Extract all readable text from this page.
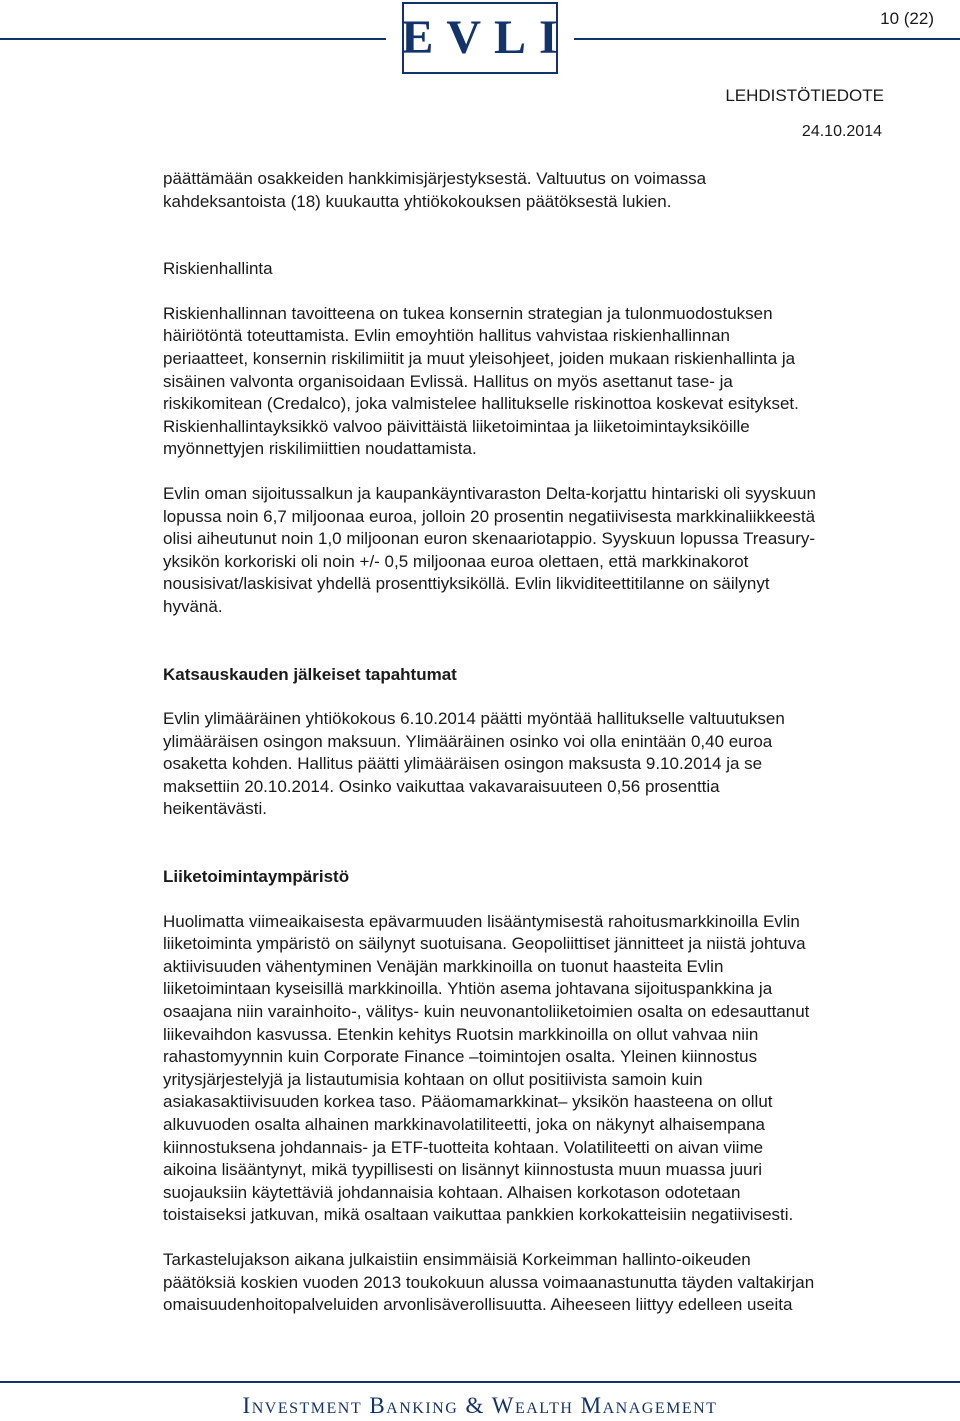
10 (22)
EVLI
LEHDISTÖTIEDOTE
24.10.2014

päättämään osakkeiden hankkimisjärjestyksestä. Valtuutus on voimassa
kahdeksantoista (18) kuukautta yhtiökokouksen päätöksestä lukien.

Riskienhallinta

Riskienhallinnan tavoitteena on tukea konsernin strategian ja tulonmuodostuksen
häiriötöntä toteuttamista. Evlin emoyhtiön hallitus vahvistaa riskienhallinnan
periaatteet, konsernin riskilimiitit ja muut yleisohjeet, joiden mukaan riskienhallinta ja
sisäinen valvonta organisoidaan Evlissä. Hallitus on myös asettanut tase- ja
riskikomitean (Credalco), joka valmistelee hallitukselle riskinottoa koskevat esitykset.
Riskienhallintayksikkö valvoo päivittäistä liiketoimintaa ja liiketoimintayksiköille
myönnettyjen riskilimiittien noudattamista.

Evlin oman sijoitussalkun ja kaupankäyntivaraston Delta-korjattu hintariski oli syyskuun
lopussa noin 6,7 miljoonaa euroa, jolloin 20 prosentin negatiivisesta markkinaliikkeestä
olisi aiheutunut noin 1,0 miljoonan euron skenaariotappio. Syyskuun lopussa Treasury-
yksikön korkoriski oli noin +/- 0,5 miljoonaa euroa olettaen, että markkinakorot
nousisivat/laskisivat yhdellä prosenttiyksiköllä. Evlin likviditeettitilanne on säilynyt
hyvänä.

Katsauskauden jälkeiset tapahtumat

Evlin ylimääräinen yhtiökokous 6.10.2014 päätti myöntää hallitukselle valtuutuksen
ylimääräisen osingon maksuun. Ylimääräinen osinko voi olla enintään 0,40 euroa
osaketta kohden. Hallitus päätti ylimääräisen osingon maksusta 9.10.2014 ja se
maksettiin 20.10.2014. Osinko vaikuttaa vakavaraisuuteen 0,56 prosenttia
heikentävästi.

Liiketoimintaympäristö

Huolimatta viimeaikaisesta epävarmuuden lisääntymisestä rahoitusmarkkinoilla Evlin
liiketoiminta ympäristö on säilynyt suotuisana. Geopoliittiset jännitteet ja niistä johtuva
aktiivisuuden vähentyminen Venäjän markkinoilla on tuonut haasteita Evlin
liiketoimintaan kyseisillä markkinoilla. Yhtiön asema johtavana sijoituspankkina ja
osaajana niin varainhoito-, välitys- kuin neuvonantoliiketoimien osalta on edesauttanut
liikevaihdon kasvussa. Etenkin kehitys Ruotsin markkinoilla on ollut vahvaa niin
rahastomyynnin kuin Corporate Finance –toimintojen osalta. Yleinen kiinnostus
yritysjärjestelyjä ja listautumisia kohtaan on ollut positiivista samoin kuin
asiakasaktiivisuuden korkea taso. Pääomamarkkinat– yksikön haasteena on ollut
alkuvuoden osalta alhainen markkinavolatiliteetti, joka on näkynyt alhaisempana
kiinnostuksena johdannais- ja ETF-tuotteita kohtaan. Volatiliteetti on aivan viime
aikoina lisääntynyt, mikä tyypillisesti on lisännyt kiinnostusta muun muassa juuri
suojauksiin käytettäviä johdannaisia kohtaan. Alhaisen korkotason odotetaan
toistaiseksi jatkuvan, mikä osaltaan vaikuttaa pankkien korkokatteisiin negatiivisesti.

Tarkastelujakson aikana julkaistiin ensimmäisiä Korkeimman hallinto-oikeuden
päätöksiä koskien vuoden 2013 toukokuun alussa voimaanastunutta täyden valtakirjan
omaisuudenhoitopalveluiden arvonlisäverollisuutta. Aiheeseen liittyy edelleen useita

Investment Banking & Wealth Management
